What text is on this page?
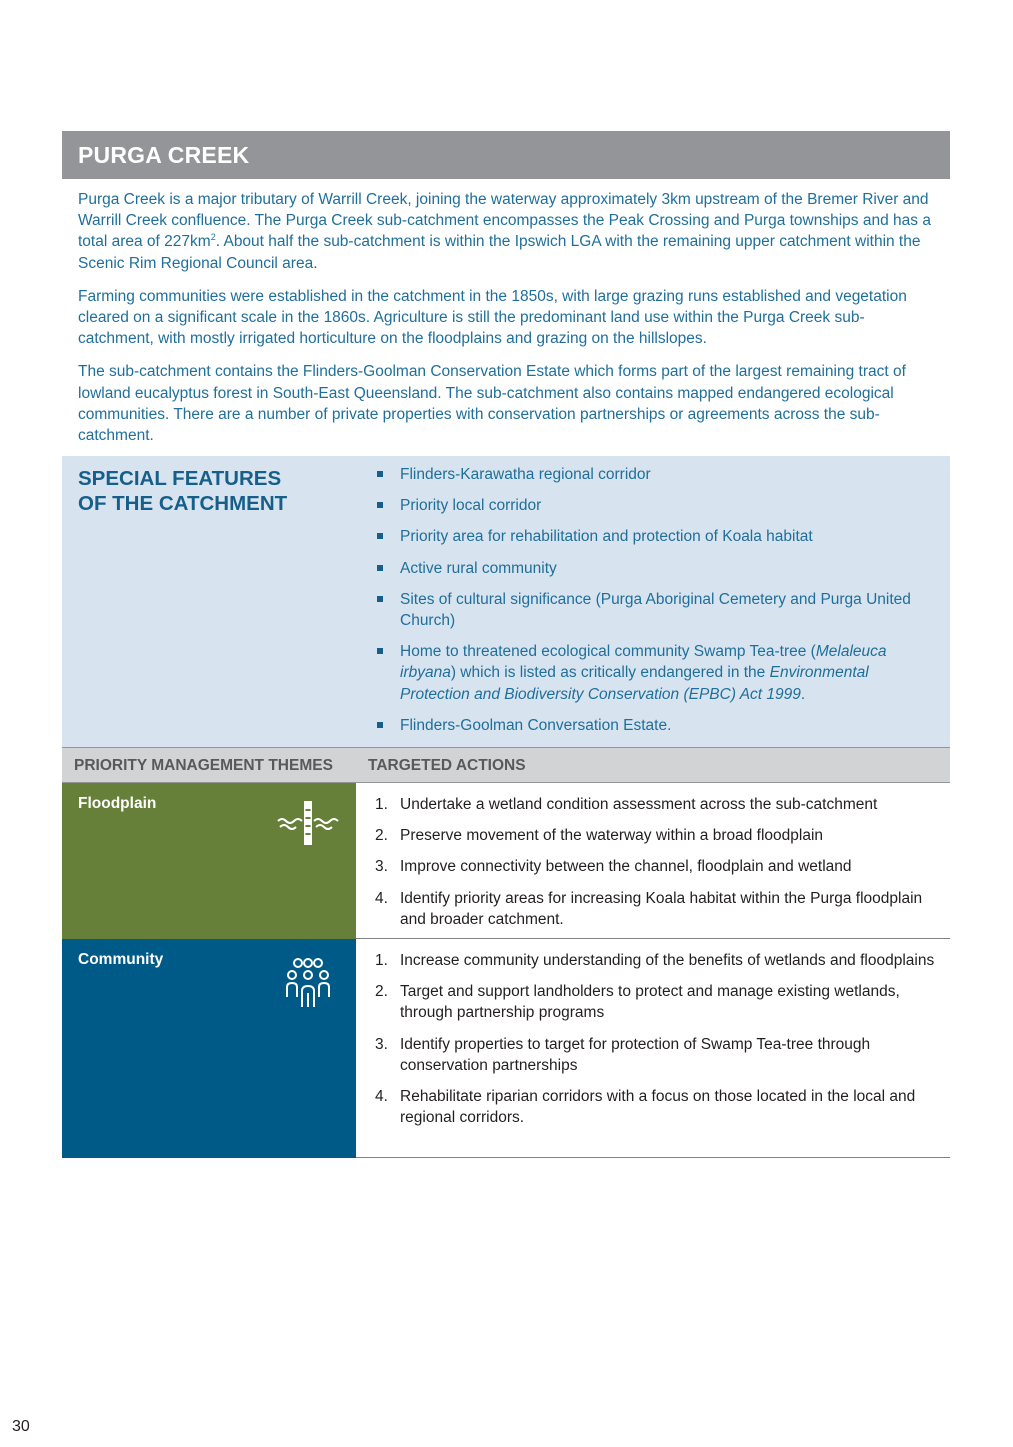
PURGA CREEK

Purga Creek is a major tributary of Warrill Creek, joining the waterway approximately 3km upstream of the Bremer River and Warrill Creek confluence. The Purga Creek sub-catchment encompasses the Peak Crossing and Purga townships and has a total area of $227km^2$. About half the sub-catchment is within the Ipswich LGA with the remaining upper catchment within the Scenic Rim Regional Council area.

Farming communities were established in the catchment in the 1850s, with large grazing runs established and vegetation cleared on a significant scale in the 1860s. Agriculture is still the predominant land use within the Purga Creek sub-catchment, with mostly irrigated horticulture on the floodplains and grazing on the hillslopes.

The sub-catchment contains the Flinders-Goolman Conservation Estate which forms part of the largest remaining tract of lowland eucalyptus forest in South-East Queensland. The sub-catchment also contains mapped endangered ecological communities. There are a number of private properties with conservation partnerships or agreements across the sub-catchment.

SPECIAL FEATURES
OF THE CATCHMENT
Flinders-Karawatha regional corridor
Priority local corridor
Priority area for rehabilitation and protection of Koala habitat
Active rural community
Sites of cultural significance (Purga Aboriginal Cemetery and Purga United Church)
Home to threatened ecological community Swamp Tea-tree (Melaleuca irbyana) which is listed as critically endangered in the Environmental Protection and Biodiversity Conservation (EPBC) Act 1999.
Flinders-Goolman Conversation Estate.
PRIORITY MANAGEMENT THEMES TARGETED ACTIONS
Floodplain	1. Undertake a wetland condition assessment across the sub-catchment
2. Preserve movement of the waterway within a broad floodplain
3. Improve connectivity between the channel, floodplain and wetland
4. Identify priority areas for increasing Koala habitat within the Purga floodplain and broader catchment.
Community	1. Increase community understanding of the benefits of wetlands and floodplains
2. Target and support landholders to protect and manage existing wetlands, through partnership programs
3. Identify properties to target for protection of Swamp Tea-tree through conservation partnerships
4. Rehabilitate riparian corridors with a focus on those located in the local and regional corridors.
30
